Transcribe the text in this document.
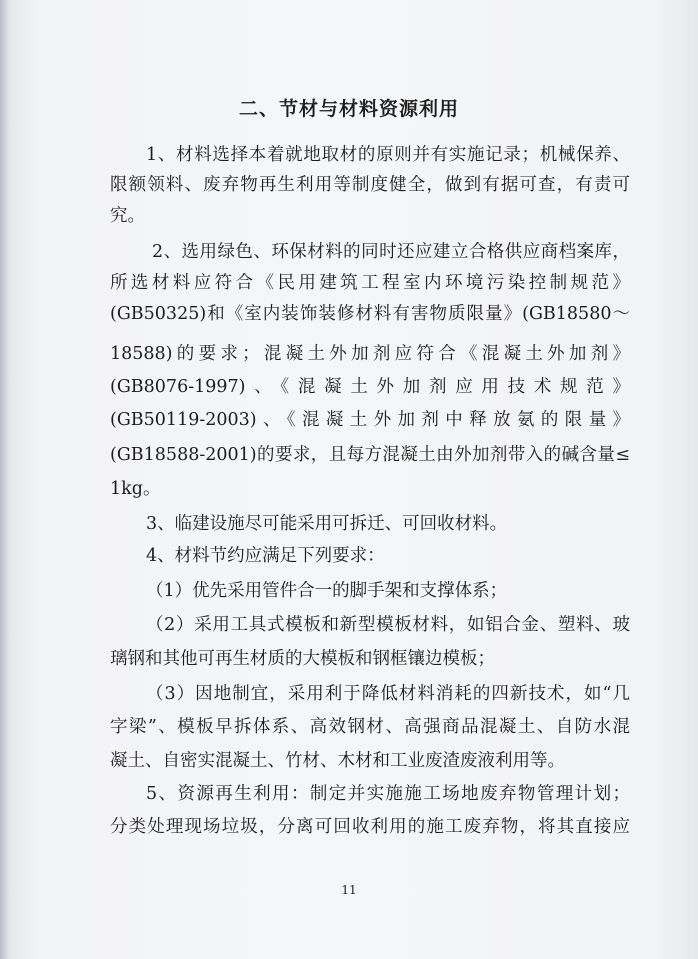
二、节材与材料资源利用
1、材料选择本着就地取材的原则并有实施记录；机械保养、
限额领料、废弃物再生利用等制度健全，做到有据可查，有责可
究。
2、选用绿色、环保材料的同时还应建立合格供应商档案库，
所选材料应符合《民用建筑工程室内环境污染控制规范》
(GB50325)和《室内装饰装修材料有害物质限量》(GB18580～
18588)的要求；混凝土外加剂应符合《混凝土外加剂》
(GB8076-1997)、《混凝土外加剂应用技术规范》
(GB50119-2003)、《混凝土外加剂中释放氨的限量》
(GB18588-2001)的要求，且每方混凝土由外加剂带入的碱含量≤
1kg。
3、临建设施尽可能采用可拆迁、可回收材料。
4、材料节约应满足下列要求：
（1）优先采用管件合一的脚手架和支撑体系；
（2）采用工具式模板和新型模板材料，如铝合金、塑料、玻
璃钢和其他可再生材质的大模板和钢框镶边模板；
（3）因地制宜，采用利于降低材料消耗的四新技术，如“几
字梁”、模板早拆体系、高效钢材、高强商品混凝土、自防水混
凝土、自密实混凝土、竹材、木材和工业废渣废液利用等。
5、资源再生利用：制定并实施施工场地废弃物管理计划；
分类处理现场垃圾，分离可回收利用的施工废弃物，将其直接应
11
